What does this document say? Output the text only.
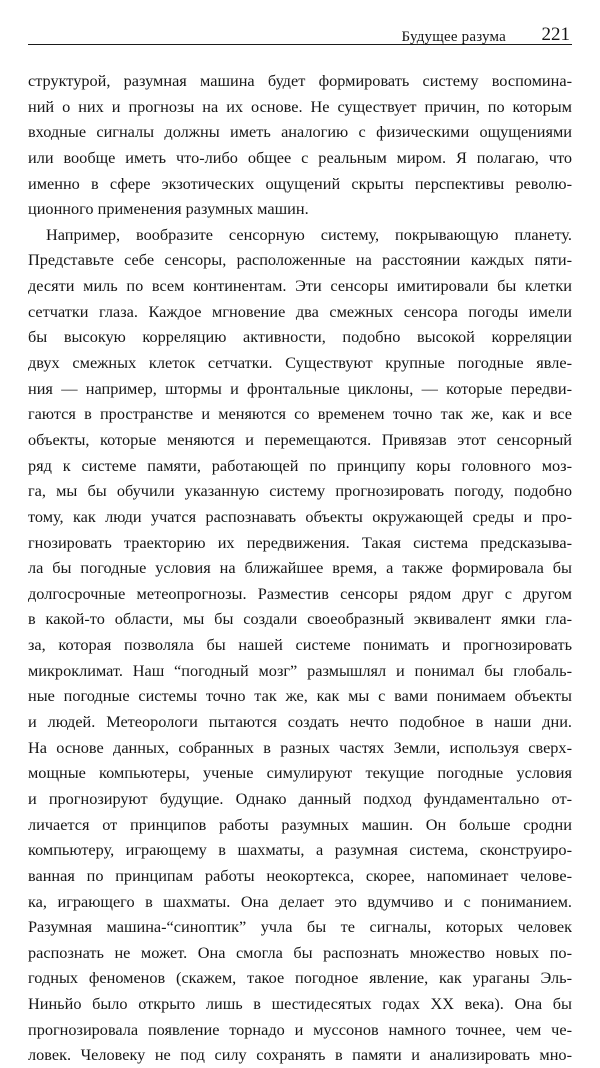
Будущее разума 221
структурой, разумная машина будет формировать систему воспомина-
ний о них и прогнозы на их основе. Не существует причин, по которым
входные сигналы должны иметь аналогию с физическими ощущениями
или вообще иметь что-либо общее с реальным миром. Я полагаю, что
именно в сфере экзотических ощущений скрыты перспективы револю-
ционного применения разумных машин.
Например, вообразите сенсорную систему, покрывающую планету.
Представьте себе сенсоры, расположенные на расстоянии каждых пяти-
десяти миль по всем континентам. Эти сенсоры имитировали бы клетки
сетчатки глаза. Каждое мгновение два смежных сенсора погоды имели
бы высокую корреляцию активности, подобно высокой корреляции
двух смежных клеток сетчатки. Существуют крупные погодные явле-
ния — например, штормы и фронтальные циклоны, — которые передви-
гаются в пространстве и меняются со временем точно так же, как и все
объекты, которые меняются и перемещаются. Привязав этот сенсорный
ряд к системе памяти, работающей по принципу коры головного моз-
га, мы бы обучили указанную систему прогнозировать погоду, подобно
тому, как люди учатся распознавать объекты окружающей среды и про-
гнозировать траекторию их передвижения. Такая система предсказыва-
ла бы погодные условия на ближайшее время, а также формировала бы
долгосрочные метеопрогнозы. Разместив сенсоры рядом друг с другом
в какой-то области, мы бы создали своеобразный эквивалент ямки гла-
за, которая позволяла бы нашей системе понимать и прогнозировать
микроклимат. Наш “погодный мозг” размышлял и понимал бы глобаль-
ные погодные системы точно так же, как мы с вами понимаем объекты
и людей. Метеорологи пытаются создать нечто подобное в наши дни.
На основе данных, собранных в разных частях Земли, используя сверх-
мощные компьютеры, ученые симулируют текущие погодные условия
и прогнозируют будущие. Однако данный подход фундаментально от-
личается от принципов работы разумных машин. Он больше сродни
компьютеру, играющему в шахматы, а разумная система, сконструиро-
ванная по принципам работы неокортекса, скорее, напоминает челове-
ка, играющего в шахматы. Она делает это вдумчиво и с пониманием.
Разумная машина-“синоптик” учла бы те сигналы, которых человек
распознать не может. Она смогла бы распознать множество новых по-
годных феноменов (скажем, такое погодное явление, как ураганы Эль-
Ниньйо было открыто лишь в шестидесятых годах XX века). Она бы
прогнозировала появление торнадо и муссонов намного точнее, чем че-
ловек. Человеку не под силу сохранять в памяти и анализировать мно-
